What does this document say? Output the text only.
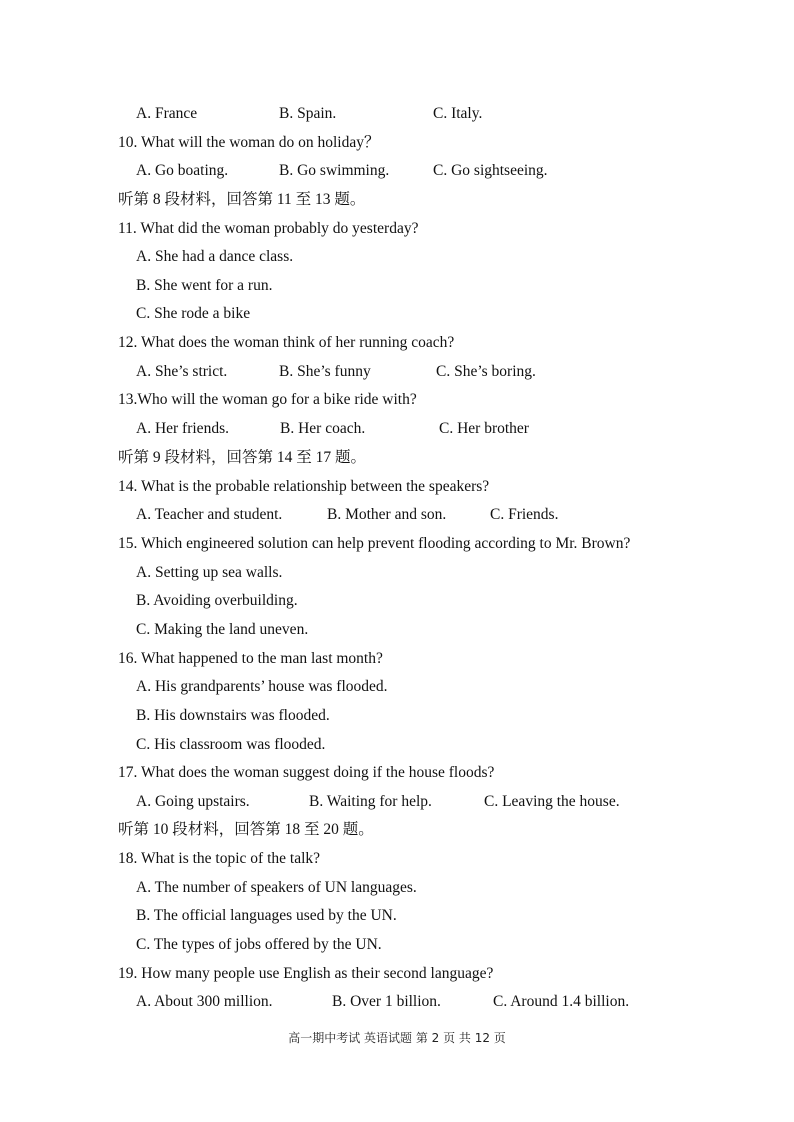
A. France	B. Spain.	C. Italy.
10. What will the woman do on holiday？
A. Go boating.	B. Go swimming.	C. Go sightseeing.
听第 8 段材料，回答第 11 至 13 题。
11. What did the woman probably do yesterday?
A. She had a dance class.
B. She went for a run.
C. She rode a bike
12. What does the woman think of her running coach?
A. She’s strict.	B. She’s funny	C. She’s boring.
13.Who will the woman go for a bike ride with?
A. Her friends.	B. Her coach.	C. Her brother
听第 9 段材料，回答第 14 至 17 题。
14. What is the probable relationship between the speakers?
A. Teacher and student.	B. Mother and son.	C. Friends.
15. Which engineered solution can help prevent flooding according to Mr. Brown?
A. Setting up sea walls.
B. Avoiding overbuilding.
C. Making the land uneven.
16. What happened to the man last month?
A. His grandparents’ house was flooded.
B. His downstairs was flooded.
C. His classroom was flooded.
17. What does the woman suggest doing if the house floods?
A. Going upstairs.	B. Waiting for help.	C. Leaving the house.
听第 10 段材料，回答第 18 至 20 题。
18. What is the topic of the talk?
A. The number of speakers of UN languages.
B. The official languages used by the UN.
C. The types of jobs offered by the UN.
19. How many people use English as their second language?
A. About 300 million.	B. Over 1 billion.	C. Around 1.4 billion.
高一期中考试 英语试题 第 2 页 共 12 页
